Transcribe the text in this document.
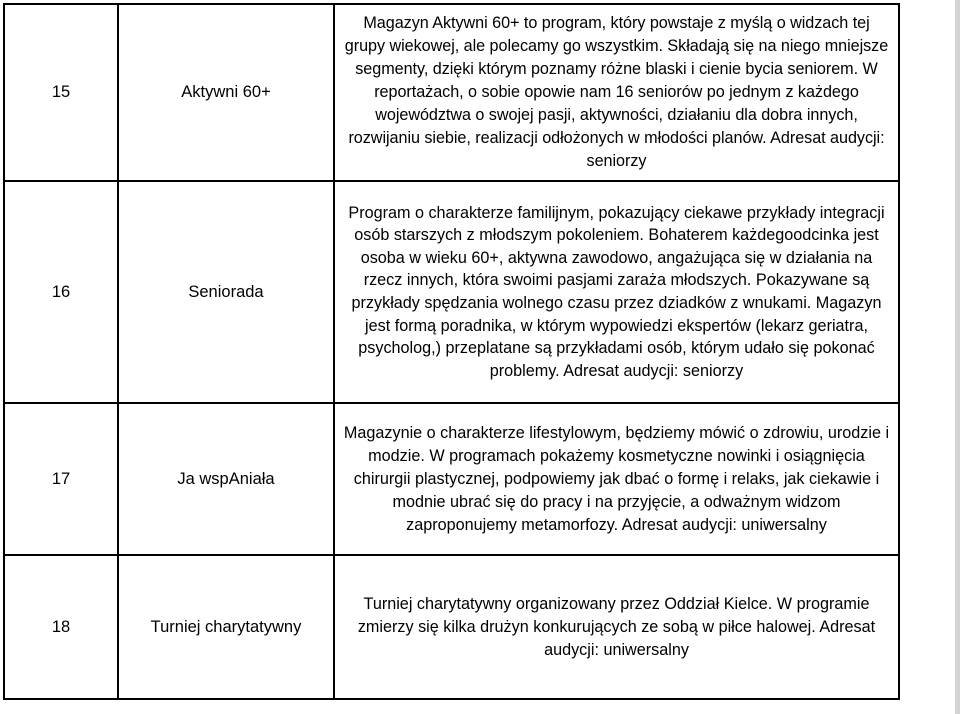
15	Aktywni 60+	Magazyn Aktywni 60+ to program, który powstaje z myślą o widzach tej grupy wiekowej, ale polecamy go wszystkim. Składają się na niego mniejsze segmenty, dzięki którym poznamy różne blaski i cienie bycia seniorem. W reportażach, o sobie opowie nam 16 seniorów po jednym z każdego województwa o swojej pasji, aktywności, działaniu dla dobra innych, rozwijaniu siebie, realizacji odłożonych w młodości planów. Adresat audycji: seniorzy

16	Seniorada	Program o charakterze familijnym, pokazujący ciekawe przykłady integracji osób starszych z młodszym pokoleniem. Bohaterem każdegoodcinka jest osoba w wieku 60+, aktywna zawodowo, angażująca się w działania na rzecz innych, która swoimi pasjami zaraża młodszych. Pokazywane są przykłady spędzania wolnego czasu przez dziadków z wnukami. Magazyn jest formą poradnika, w którym wypowiedzi ekspertów (lekarz geriatra, psycholog,) przeplatane są przykładami osób, którym udało się pokonać problemy. Adresat audycji: seniorzy

17	Ja wspAniała	Magazynie o charakterze lifestylowym, będziemy mówić o zdrowiu, urodzie i modzie. W programach pokażemy kosmetyczne nowinki i osiągnięcia chirurgii plastycznej, podpowiemy jak dbać o formę i relaks, jak ciekawie i modnie ubrać się do pracy i na przyjęcie, a odważnym widzom zaproponujemy metamorfozy. Adresat audycji: uniwersalny

18	Turniej charytatywny	Turniej charytatywny organizowany przez Oddział Kielce. W programie zmierzy się kilka drużyn konkurujących ze sobą w piłce halowej. Adresat audycji: uniwersalny
